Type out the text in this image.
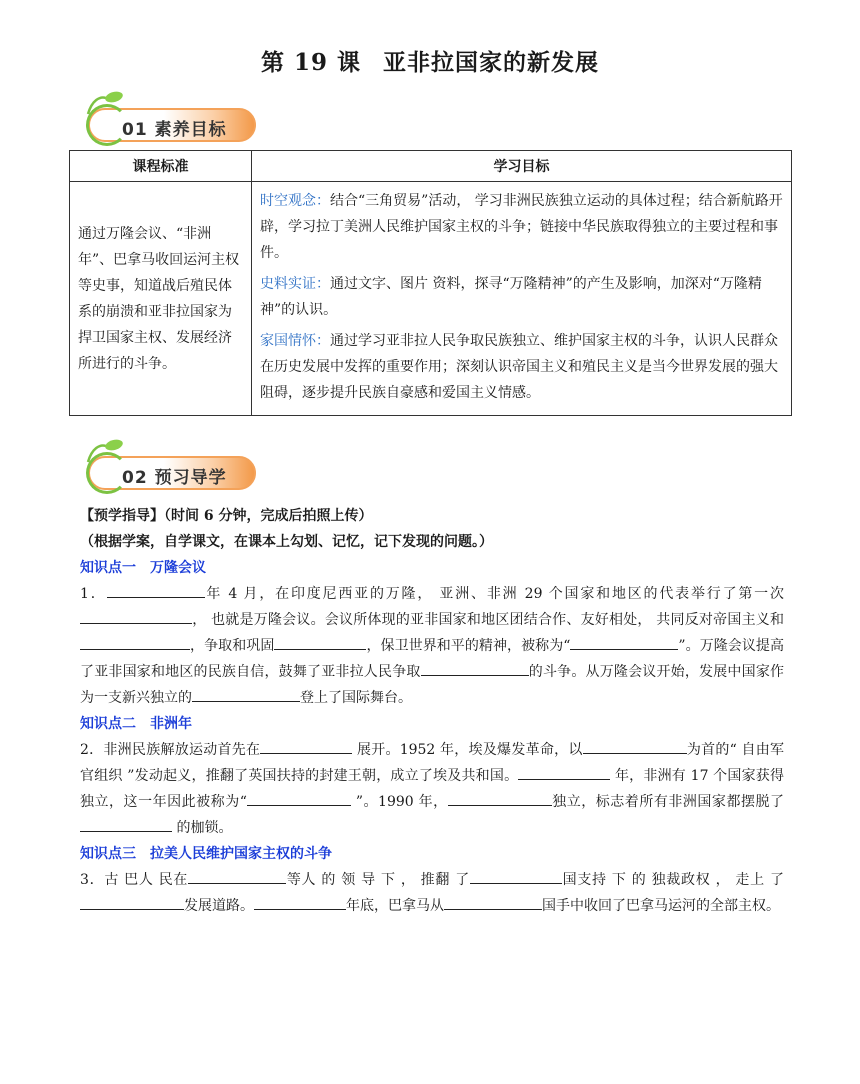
第 19 课 亚非拉国家的新发展
01 素养目标
课程标准	学习目标
通过万隆会议、“非洲年”、巴拿马收回运河主权等史事，知道战后殖民体系的崩溃和亚非拉国家为捍卫国家主权、发展经济所进行的斗争。	时空观念：结合“三角贸易”活动， 学习非洲民族独立运动的具体过程；结合新航路开辟，学习拉丁美洲人民维护国家主权的斗争；链接中华民族取得独立的主要过程和事件。

史料实证：通过文字、图片 资料，探寻“万隆精神”的产生及影响，加深对“万隆精神”的认识。

家国情怀：通过学习亚非拉人民争取民族独立、维护国家主权的斗争，认识人民群众在历史发展中发挥的重要作用；深刻认识帝国主义和殖民主义是当今世界发展的强大阻碍，逐步提升民族自豪感和爱国主义情感。

02 预习导学

【预学指导】（时间 6 分钟，完成后拍照上传）

（根据学案，自学课文，在课本上勾划、记忆，记下发现的问题。）

知识点一　万隆会议

1．	年 4 月，在印度尼西亚的万隆， 亚洲、非洲 29 个国家和地区的代表举行了第一次， 也就是万隆会议。会议所体现的亚非国家和地区团结合作、友好相处， 共同反对帝国主义和，争取和巩固	，保卫世界和平的精神，被称为“	”。万隆会议提高了亚非国家和地区的民族自信，鼓舞了亚非拉人民争取	的斗争。从万隆会议开始，发展中国家作为一支新兴独立的	登上了国际舞台。

知识点二　非洲年

2．非洲民族解放运动首先在	展开。1952 年，埃及爆发革命，以	为首的“ 自由军官组织 ”发动起义，推翻了英国扶持的封建王朝，成立了埃及共和国。	年，非洲有 17 个国家获得独立，这一年因此被称为“	”。1990 年，	独立，标志着所有非洲国家都摆脱了 的枷锁。

知识点三　拉美人民维护国家主权的斗争

3．古 巴人 民在	等人 的 领 导 下 ， 推翻 了	国支持 下 的 独裁政权 ， 走上 了发展道路。	年底，巴拿马从	国手中收回了巴拿马运河的全部主权。
